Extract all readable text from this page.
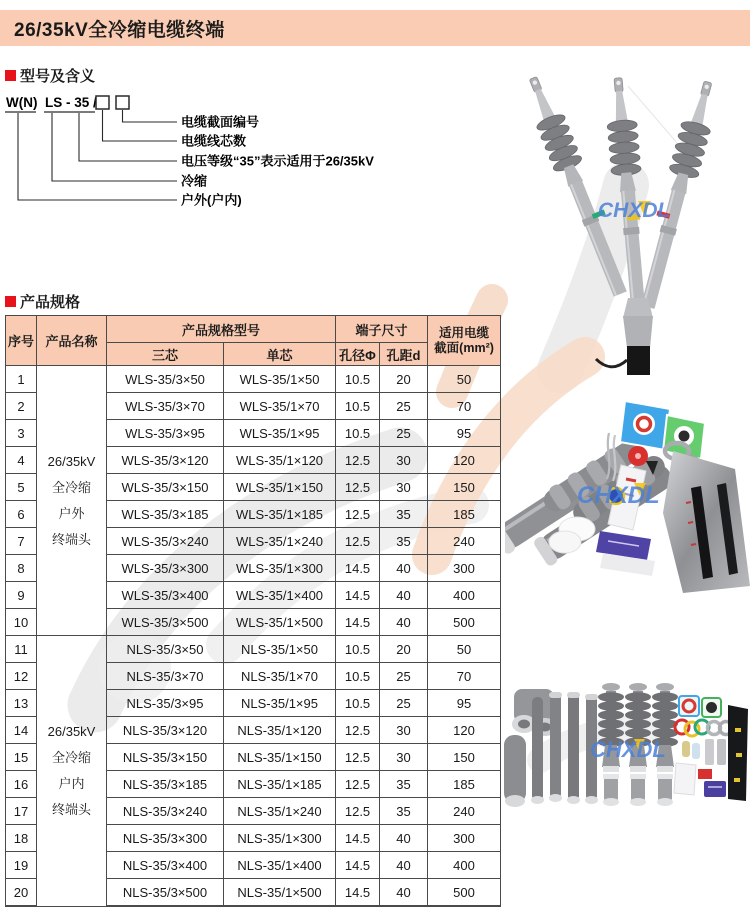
26/35kV全冷缩电缆终端
型号及含义
W(N) LS - 35 /
电缆截面编号
电缆线芯数
电压等级“35”表示适用于26/35kV
冷缩
户外(户内)
产品规格
序号	产品名称	产品规格型号		端子尺寸		适用电缆
截面(mm²)
		三芯	单芯	孔径Φ	孔距d	
1	26/35kV
全冷缩
户外
终端头	WLS-35/3×50	WLS-35/1×50	10.5	20	50
2		WLS-35/3×70	WLS-35/1×70	10.5	25	70
3		WLS-35/3×95	WLS-35/1×95	10.5	25	95
4		WLS-35/3×120	WLS-35/1×120	12.5	30	120
5		WLS-35/3×150	WLS-35/1×150	12.5	30	150
6		WLS-35/3×185	WLS-35/1×185	12.5	35	185
7		WLS-35/3×240	WLS-35/1×240	12.5	35	240
8		WLS-35/3×300	WLS-35/1×300	14.5	40	300
9		WLS-35/3×400	WLS-35/1×400	14.5	40	400
10		WLS-35/3×500	WLS-35/1×500	14.5	40	500
11	26/35kV
全冷缩
户内
终端头	NLS-35/3×50	NLS-35/1×50	10.5	20	50
12		NLS-35/3×70	NLS-35/1×70	10.5	25	70
13		NLS-35/3×95	NLS-35/1×95	10.5	25	95
14		NLS-35/3×120	NLS-35/1×120	12.5	30	120
15		NLS-35/3×150	NLS-35/1×150	12.5	30	150
16		NLS-35/3×185	NLS-35/1×185	12.5	35	185
17		NLS-35/3×240	NLS-35/1×240	12.5	35	240
18		NLS-35/3×300	NLS-35/1×300	14.5	40	300
19		NLS-35/3×400	NLS-35/1×400	14.5	40	400
20		NLS-35/3×500	NLS-35/1×500	14.5	40	500
CHXDL
CHXDL
CHXDL
